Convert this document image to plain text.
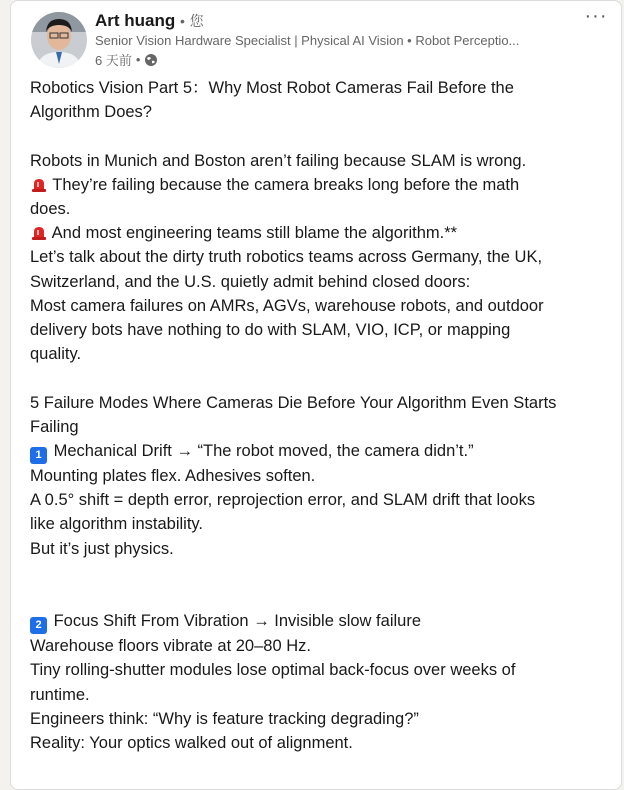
Art huang • 您
Senior Vision Hardware Specialist | Physical AI Vision • Robot Perceptio...
6 天前 •
···

Robotics Vision Part 5：Why Most Robot Cameras Fail Before the

Algorithm Does?

Robots in Munich and Boston aren’t failing because SLAM is wrong.

They’re failing because the camera breaks long before the math

does.

And most engineering teams still blame the algorithm.**

Let’s talk about the dirty truth robotics teams across Germany, the UK,

Switzerland, and the U.S. quietly admit behind closed doors:

Most camera failures on AMRs, AGVs, warehouse robots, and outdoor

delivery bots have nothing to do with SLAM, VIO, ICP, or mapping

quality.

5 Failure Modes Where Cameras Die Before Your Algorithm Even Starts

Failing

1 Mechanical Drift → “The robot moved, the camera didn’t.”

Mounting plates flex. Adhesives soften.

A 0.5° shift = depth error, reprojection error, and SLAM drift that looks

like algorithm instability.

But it’s just physics.

2 Focus Shift From Vibration → Invisible slow failure

Warehouse floors vibrate at 20–80 Hz.

Tiny rolling-shutter modules lose optimal back-focus over weeks of

runtime.

Engineers think: “Why is feature tracking degrading?”

Reality: Your optics walked out of alignment.
